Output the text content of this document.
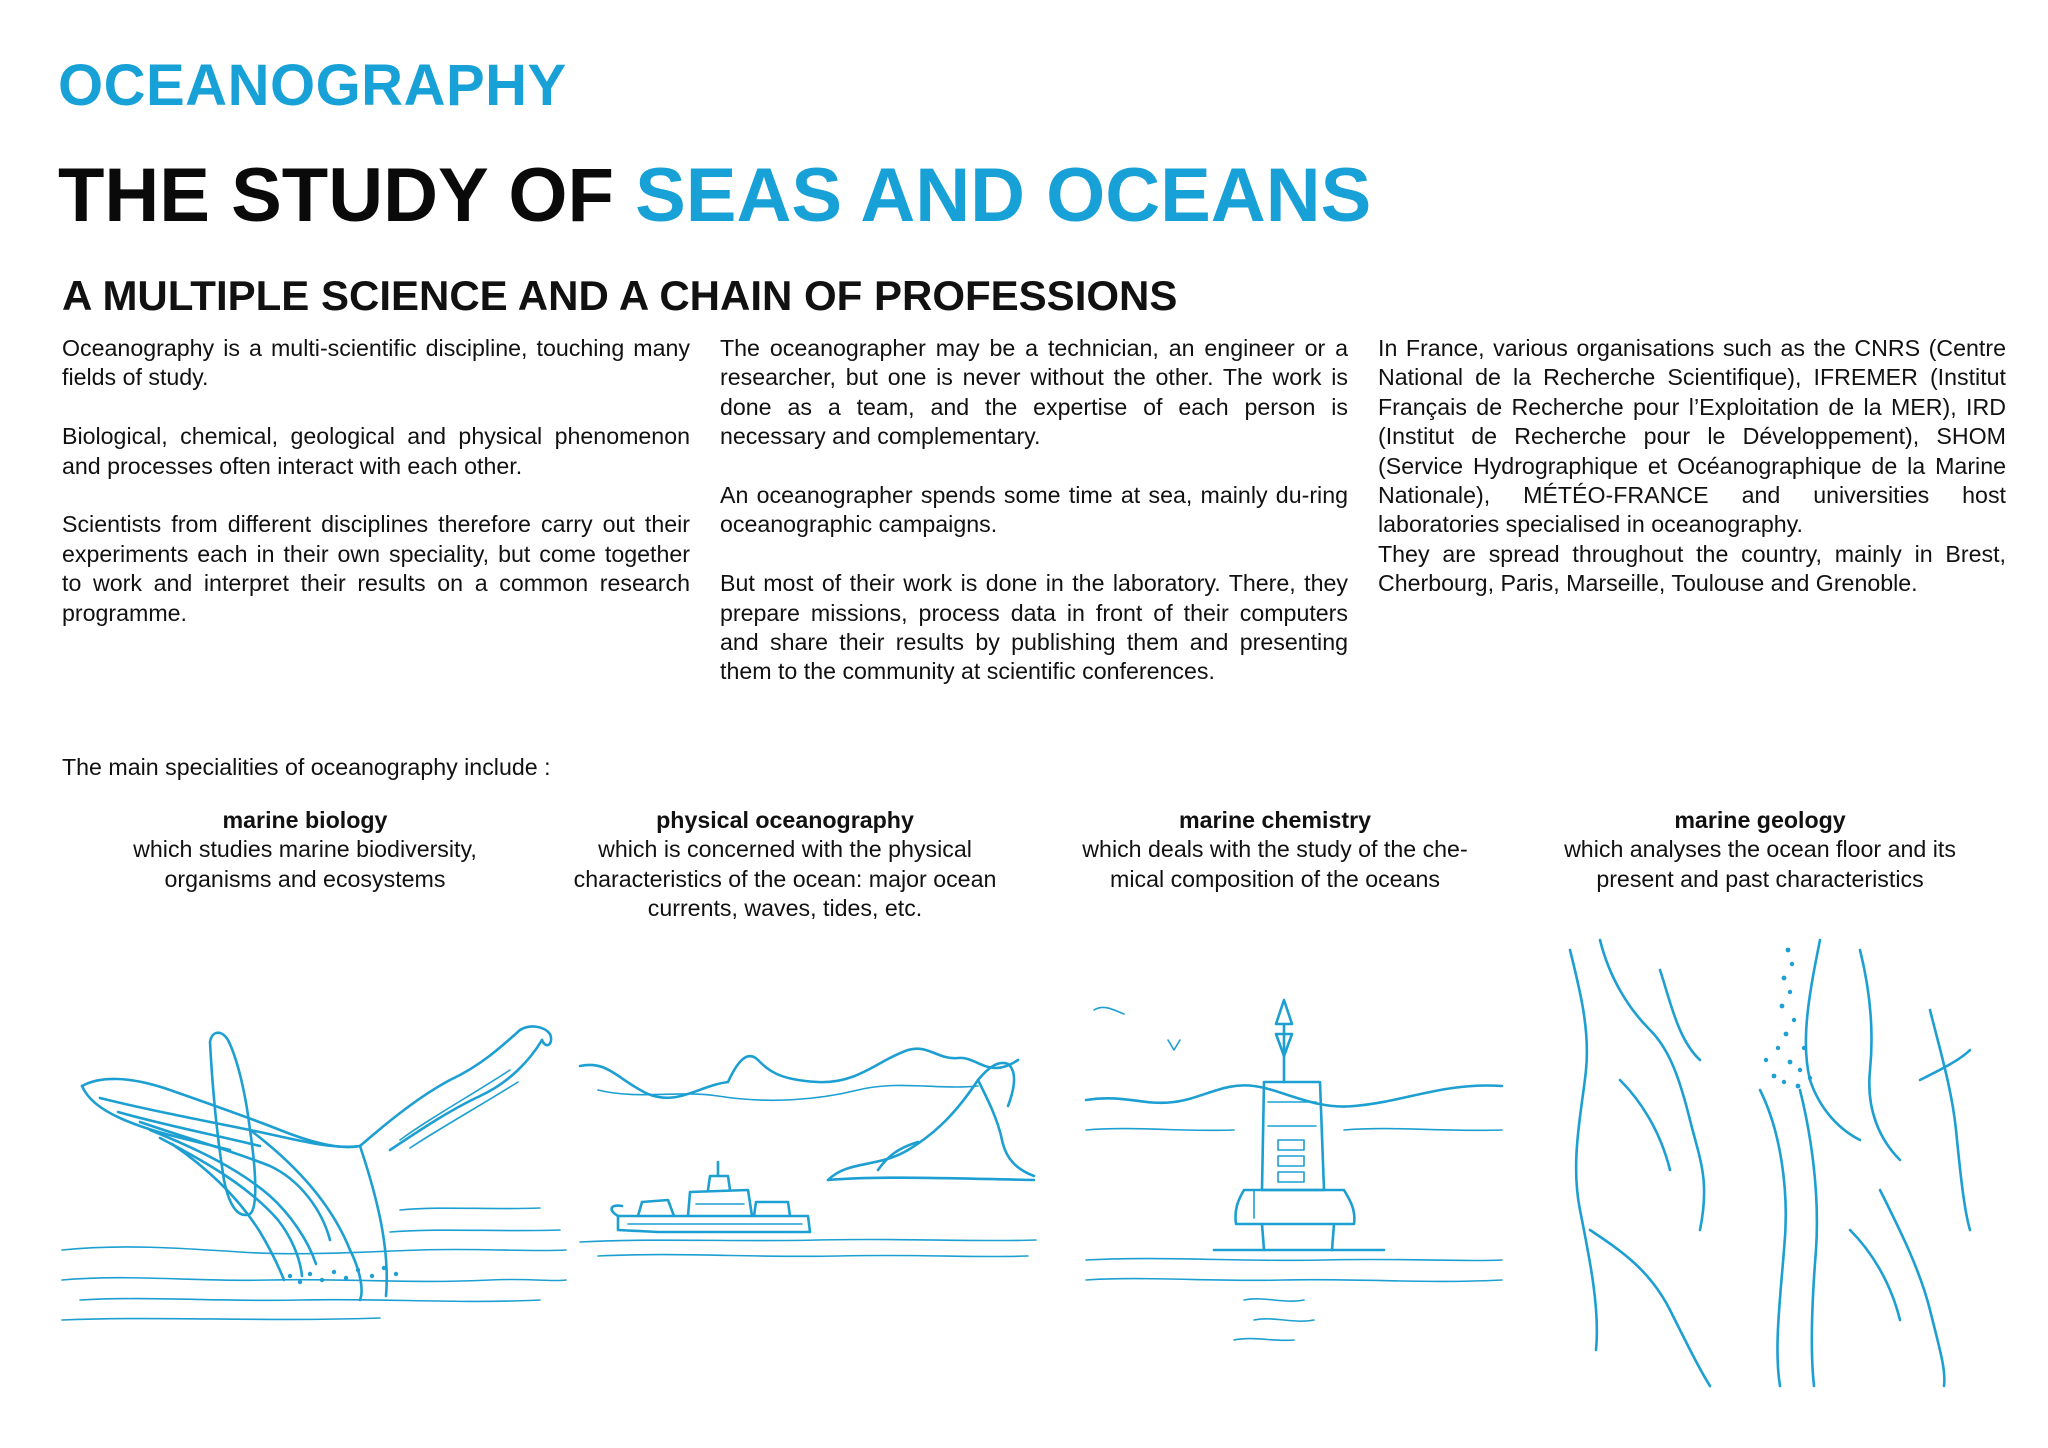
OCEANOGRAPHY
THE STUDY OF SEAS AND OCEANS
A MULTIPLE SCIENCE AND A CHAIN OF PROFESSIONS

Oceanography is a multi-scientific discipline, touching many fields of study.

Biological, chemical, geological and physical phenomenon and processes often interact with each other.

Scientists from different disciplines therefore carry out their experiments each in their own speciality, but come together to work and interpret their results on a common research programme.

The oceanographer may be a technician, an engineer or a researcher, but one is never without the other. The work is done as a team, and the expertise of each person is necessary and complementary.

An oceanographer spends some time at sea, mainly du-ring oceanographic campaigns.

But most of their work is done in the laboratory. There, they prepare missions, process data in front of their computers and share their results by publishing them and presenting them to the community at scientific conferences.

In France, various organisations such as the CNRS (Centre National de la Recherche Scientifique), IFREMER (Institut Français de Recherche pour l’Exploitation de la MER), IRD (Institut de Recherche pour le Développement), SHOM (Service Hydrographique et Océanographique de la Marine Nationale), MÉTÉO-FRANCE and universities host laboratories specialised in oceanography.

They are spread throughout the country, mainly in Brest, Cherbourg, Paris, Marseille, Toulouse and Grenoble.

The main specialities of oceanography include :

marine biology
which studies marine biodiversity, organisms and ecosystems
physical oceanography
which is concerned with the physical characteristics of the ocean: major ocean currents, waves, tides, etc.
marine chemistry
which deals with the study of the che-mical composition of the oceans
marine geology
which analyses the ocean floor and its present and past characteristics
